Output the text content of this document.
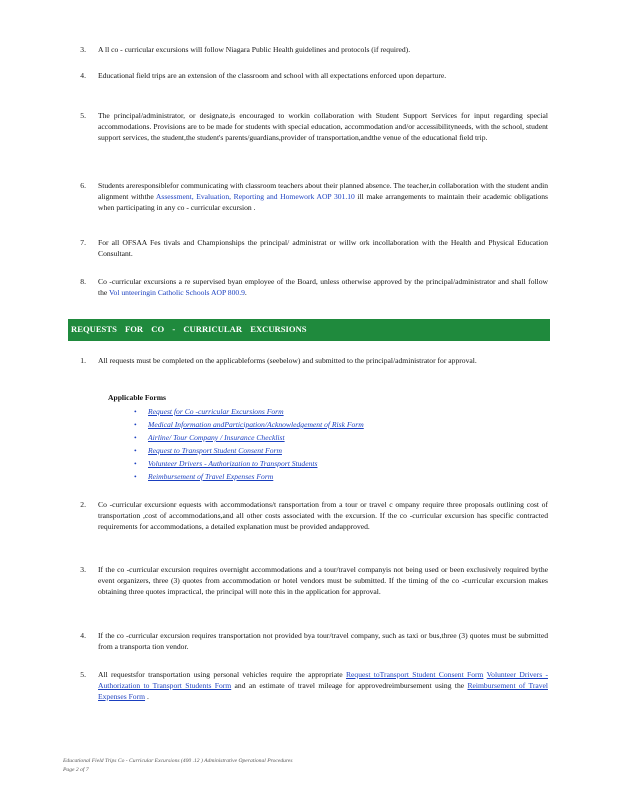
3. A ll co - curricular excursions will follow Niagara Public Health guidelines and protocols (if required).
4. Educational field trips are an extension of the classroom and school with all expectations enforced upon departure.
5. The principal/administrator, or designate,is encouraged to workin collaboration with Student Support Services for input regarding special accommodations. Provisions are to be made for students with special education, accommodation and/or accessibilityneeds, with the school, student support services, the student,the student's parents/guardians,provider of transportation,andthe venue of the educational field trip.
6. Students areresponsiblefor communicating with classroom teachers about their planned absence. The teacher,in collaboration with the student andin alignment withthe Assessment, Evaluation, Reporting and Homework AOP 301.10 ill make arrangements to maintain their academic obligations when participating in any co - curricular excursion .
7. For all OFSAA Fes tivals and Championships the principal/ administrat or willw ork incollaboration with the Health and Physical Education Consultant.
8. Co -curricular excursions a re supervised byan employee of the Board, unless otherwise approved by the principal/administrator and shall follow the Vol unteeringin Catholic Schools AOP 800.9.
REQUESTS FOR CO - CURRICULAR EXCURSIONS
1. All requests must be completed on the applicableforms (seebelow) and submitted to the principal/administrator for approval.
Applicable Forms
• Request for Co -curricular Excursions Form
• Medical Information andParticipation/Acknowledgement of Risk Form
• Airline/ Tour Company / Insurance Checklist
• Request to Transport Student Consent Form
• Volunteer Drivers - Authorization to Transport Students
• Reimbursement of Travel Expenses Form
2. Co -curricular excursionr equests with accommodations/t ransportation from a tour or travel c ompany require three proposals outlining cost of transportation ,cost of accommodations,and all other costs associated with the excursion. If the co -curricular excursion has specific contracted requirements for accommodations, a detailed explanation must be provided andapproved.
3. If the co -curricular excursion requires overnight accommodations and a tour/travel companyis not being used or been exclusively required bythe event organizers, three (3) quotes from accommodation or hotel vendors must be submitted. If the timing of the co -curricular excursion makes obtaining three quotes impractical, the principal will note this in the application for approval.
4. If the co -curricular excursion requires transportation not provided bya tour/travel company, such as taxi or bus,three (3) quotes must be submitted from a transporta tion vendor.
5. All requestsfor transportation using personal vehicles require the appropriate Request toTransport Student Consent Form Volunteer Drivers - Authorization to Transport Students Form and an estimate of travel mileage for approvedreimbursement using the Reimbursement of Travel Expenses Form .
Educational Field Trips Co - Curricular Excursions (400 .12 ) Administrative Operational Procedures
Page 2 of 7
